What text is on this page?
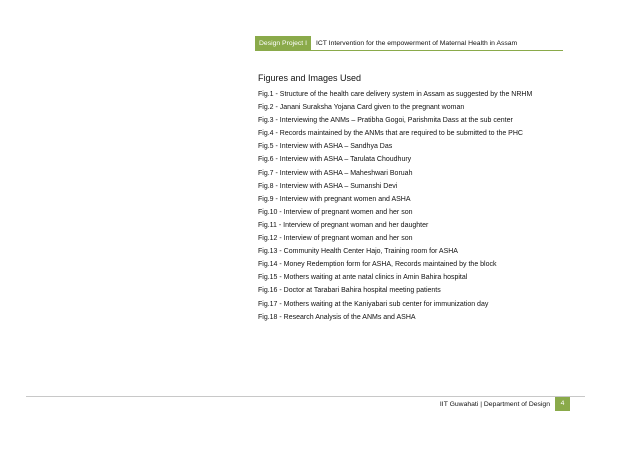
Design Project I	ICT Intervention for the empowerment of Maternal Health in Assam
Figures and Images Used
Fig.1 - Structure of the health care delivery system in Assam as suggested by the NRHM
Fig.2 - Janani Suraksha Yojana Card given to the pregnant woman
Fig.3 - Interviewing the ANMs – Pratibha Gogoi, Parishmita Dass at the sub center
Fig.4 - Records maintained by the ANMs that are required to be submitted to the PHC
Fig.5 - Interview with ASHA – Sandhya Das
Fig.6 - Interview with ASHA – Tarulata Choudhury
Fig.7 - Interview with ASHA – Maheshwari Boruah
Fig.8 - Interview with ASHA – Sumanshi Devi
Fig.9 - Interview with pregnant women and ASHA
Fig.10 - Interview of pregnant women and her son
Fig.11 - Interview of pregnant woman and her daughter
Fig.12 - Interview of pregnant woman and her son
Fig.13 - Community Health Center Hajo, Training room for ASHA
Fig.14 - Money Redemption form for ASHA, Records maintained by the block
Fig.15 - Mothers waiting at ante natal clinics in Amin Bahira hospital
Fig.16 - Doctor at Tarabari Bahira hospital meeting patients
Fig.17 - Mothers waiting at the Kaniyabari sub center for immunization day
Fig.18 - Research Analysis of the ANMs and ASHA
IIT Guwahati | Department of Design	4
